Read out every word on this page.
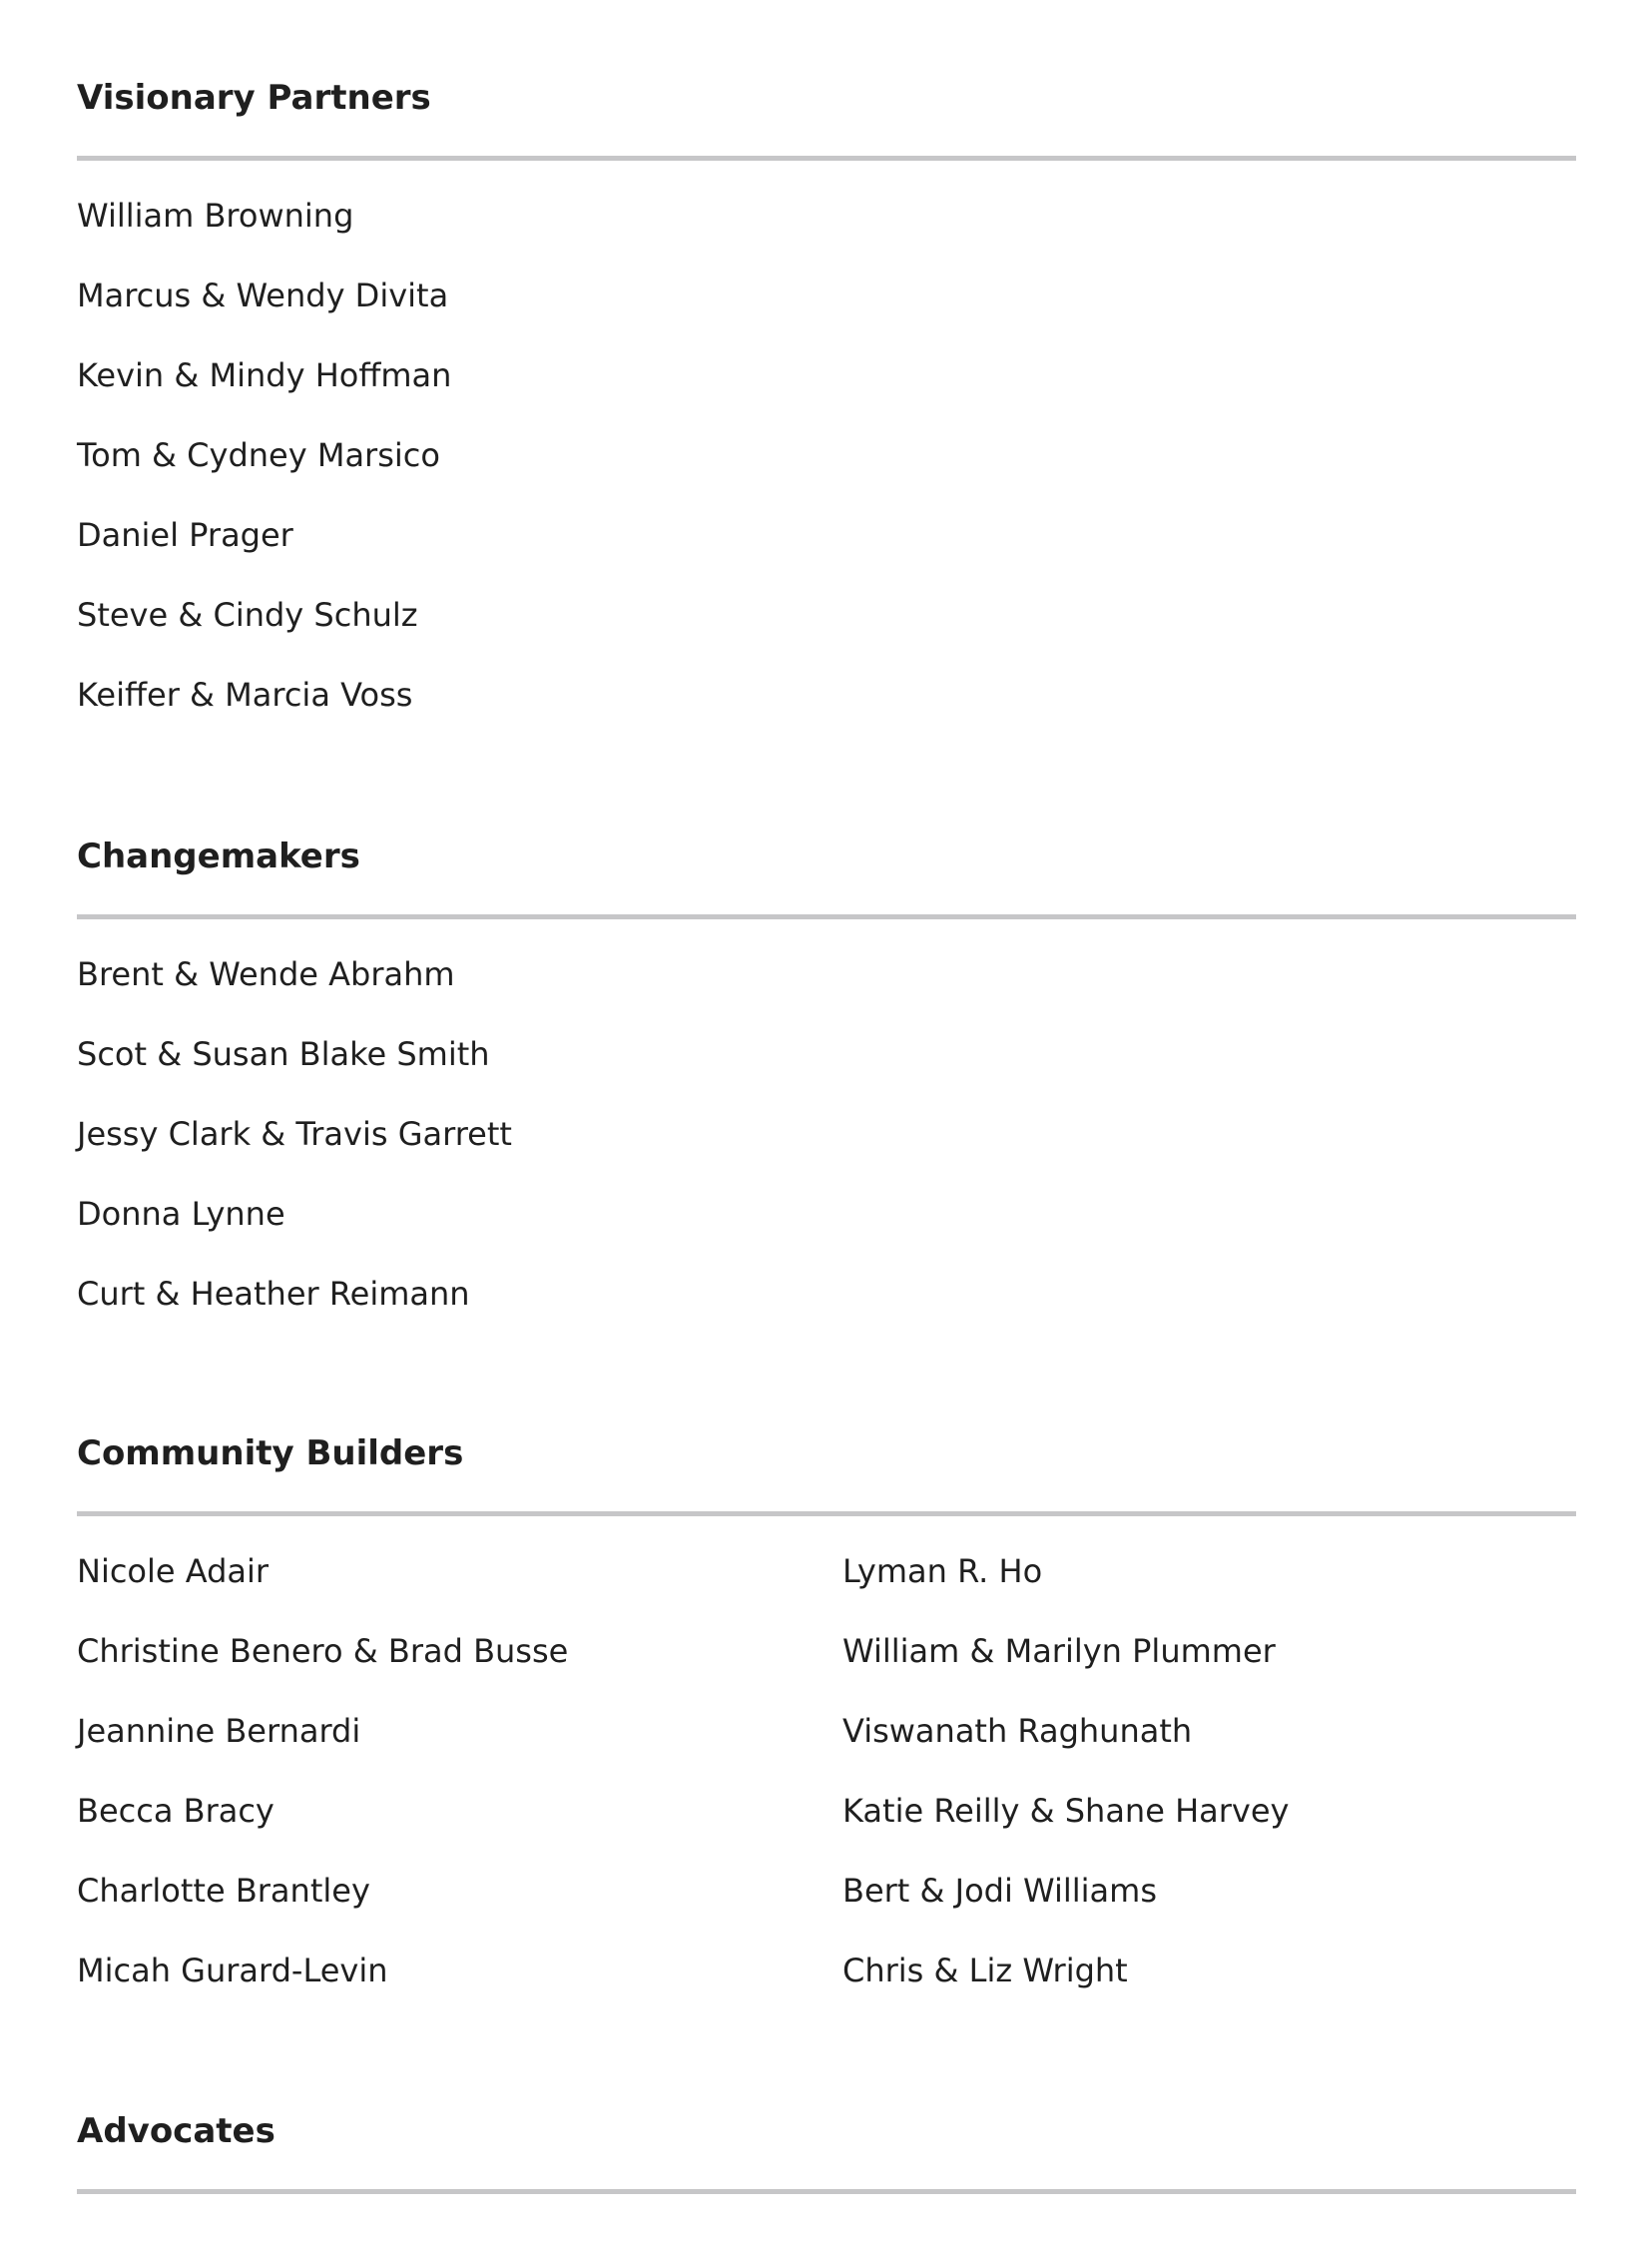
Visionary Partners
William Browning
Marcus & Wendy Divita
Kevin & Mindy Hoffman
Tom & Cydney Marsico
Daniel Prager
Steve & Cindy Schulz
Keiffer & Marcia Voss
Changemakers
Brent & Wende Abrahm
Scot & Susan Blake Smith
Jessy Clark & Travis Garrett
Donna Lynne
Curt & Heather Reimann
Community Builders
Nicole Adair
Christine Benero & Brad Busse
Jeannine Bernardi
Becca Bracy
Charlotte Brantley
Micah Gurard-Levin
Lyman R. Ho
William & Marilyn Plummer
Viswanath Raghunath
Katie Reilly & Shane Harvey
Bert & Jodi Williams
Chris & Liz Wright
Advocates
